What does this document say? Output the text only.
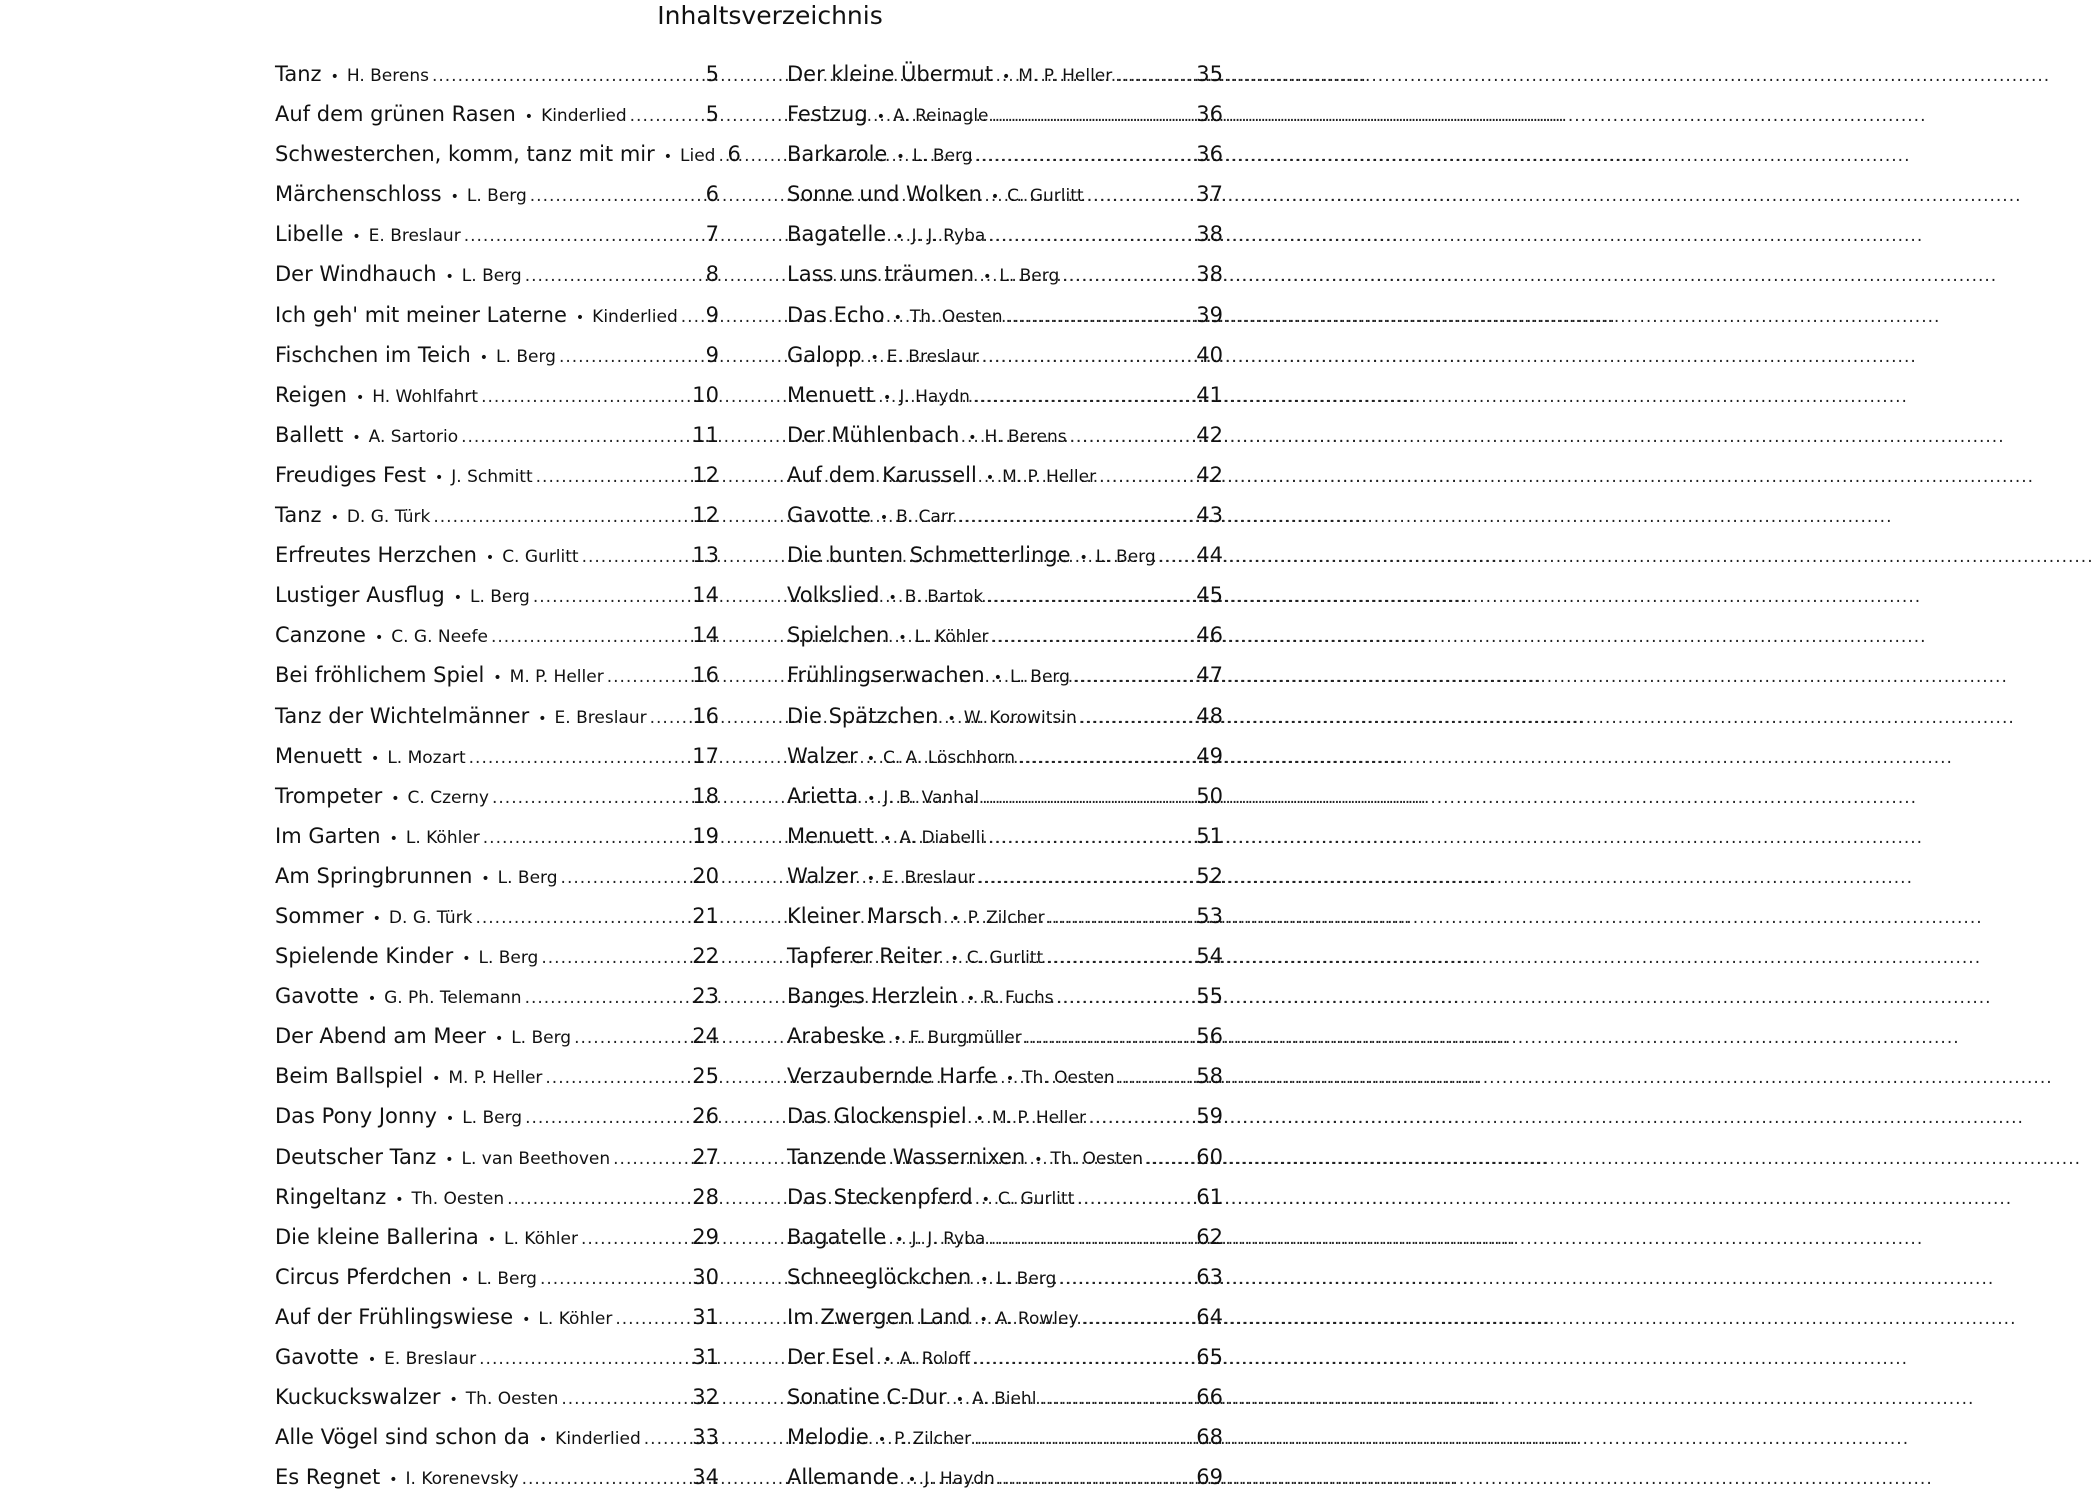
Inhaltsverzeichnis
Tanz • H. Berens .....	5
Auf dem grünen Rasen • Kinderlied .....	5
Schwesterchen, komm, tanz mit mir • Lied ..... 6
Märchenschloss • L. Berg .....	6
Libelle • E. Breslaur .....	7
Der Windhauch • L. Berg .....	8
Ich geh' mit meiner Laterne • Kinderlied ..... 9
Fischchen im Teich • L. Berg .....	9
Reigen • H. Wohlfahrt .....	10
Ballett • A. Sartorio .....	11
Freudiges Fest • J. Schmitt .....	12
Tanz • D. G. Türk .....	12
Erfreutes Herzchen • C. Gurlitt .....	13
Lustiger Ausflug • L. Berg .....	14
Canzone • C. G. Neefe .....	14
Bei fröhlichem Spiel • M. P. Heller .....	16
Tanz der Wichtelmänner • E. Breslaur ..... 16
Menuett • L. Mozart .....	17
Trompeter • C. Czerny .....	18
Im Garten • L. Köhler .....	19
Am Springbrunnen • L. Berg .....	20
Sommer • D. G. Türk .....	21
Spielende Kinder • L. Berg .....	22
Gavotte • G. Ph. Telemann .....	23
Der Abend am Meer • L. Berg .....	24
Beim Ballspiel • M. P. Heller .....	25
Das Pony Jonny • L. Berg .....	26
Deutscher Tanz • L. van Beethoven .....	27
Ringeltanz • Th. Oesten .....	28
Die kleine Ballerina • L. Köhler .....	29
Circus Pferdchen • L. Berg .....	30
Auf der Frühlingswiese • L. Köhler .....	31
Gavotte • E. Breslaur .....	31
Kuckuckswalzer • Th. Oesten .....	32
Alle Vögel sind schon da • Kinderlied ..... 33
Es Regnet • I. Korenevsky .....	34
Der kleine Übermut • M. P. Heller .....	35
Festzug • A. Reinagle .....	36
Barkarole • L. Berg .....	36
Sonne und Wolken • C. Gurlitt .....	37
Bagatelle • J. J. Ryba .....	38
Lass uns träumen • L. Berg .....	38
Das Echo • Th. Oesten .....	39
Galopp • E. Breslaur .....	40
Menuett • J. Haydn .....	41
Der Mühlenbach • H. Berens .....	42
Auf dem Karussell • M. P. Heller .....	42
Gavotte • B. Carr .....	43
Die bunten Schmetterlinge • L. Berg ..... 44
Volkslied • B. Bartok .....	45
Spielchen • L. Köhler .....	46
Frühlingserwachen • L. Berg .....	47
Die Spätzchen • W. Korowitsin .....	48
Walzer • C. A. Löschhorn .....	49
Arietta • J. B. Vanhal .....	50
Menuett • A. Diabelli .....	51
Walzer • E. Breslaur .....	52
Kleiner Marsch • P. Zilcher .....	53
Tapferer Reiter • C. Gurlitt .....	54
Banges Herzlein • R. Fuchs .....	55
Arabeske • F. Burgmüller .....	56
Verzaubernde Harfe • Th. Oesten .....	58
Das Glockenspiel • M. P. Heller .....	59
Tanzende Wassernixen • Th. Oesten .....	60
Das Steckenpferd • C. Gurlitt .....	61
Bagatelle • J. J. Ryba .....	62
Schneeglöckchen • L. Berg .....	63
Im Zwergen Land • A. Rowley .....	64
Der Esel • A. Roloff .....	65
Sonatine C-Dur • A. Biehl .....	66
Melodie • P. Zilcher .....	68
Allemande • J. Haydn .....	69
